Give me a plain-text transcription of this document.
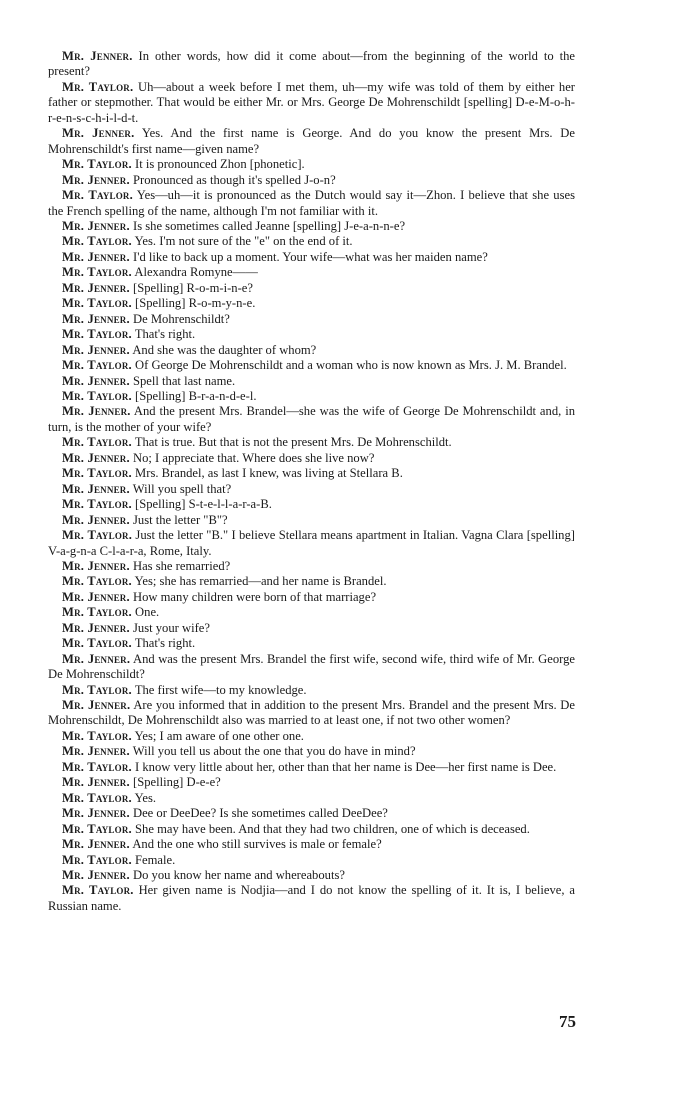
Mr. Jenner. In other words, how did it come about—from the beginning of the world to the present?

Mr. Taylor. Uh—about a week before I met them, uh—my wife was told of them by either her father or stepmother. That would be either Mr. or Mrs. George De Mohrenschildt [spelling] D-e-M-o-h-r-e-n-s-c-h-i-l-d-t.

Mr. Jenner. Yes. And the first name is George. And do you know the present Mrs. De Mohrenschildt's first name—given name?

Mr. Taylor. It is pronounced Zhon [phonetic].

Mr. Jenner. Pronounced as though it's spelled J-o-n?

Mr. Taylor. Yes—uh—it is pronounced as the Dutch would say it—Zhon. I believe that she uses the French spelling of the name, although I'm not familiar with it.

Mr. Jenner. Is she sometimes called Jeanne [spelling] J-e-a-n-n-e?

Mr. Taylor. Yes. I'm not sure of the "e" on the end of it.

Mr. Jenner. I'd like to back up a moment. Your wife—what was her maiden name?

Mr. Taylor. Alexandra Romyne——

Mr. Jenner. [Spelling] R-o-m-i-n-e?

Mr. Taylor. [Spelling] R-o-m-y-n-e.

Mr. Jenner. De Mohrenschildt?

Mr. Taylor. That's right.

Mr. Jenner. And she was the daughter of whom?

Mr. Taylor. Of George De Mohrenschildt and a woman who is now known as Mrs. J. M. Brandel.

Mr. Jenner. Spell that last name.

Mr. Taylor. [Spelling] B-r-a-n-d-e-l.

Mr. Jenner. And the present Mrs. Brandel—she was the wife of George De Mohrenschildt and, in turn, is the mother of your wife?

Mr. Taylor. That is true. But that is not the present Mrs. De Mohrenschildt.

Mr. Jenner. No; I appreciate that. Where does she live now?

Mr. Taylor. Mrs. Brandel, as last I knew, was living at Stellara B.

Mr. Jenner. Will you spell that?

Mr. Taylor. [Spelling] S-t-e-l-l-a-r-a-B.

Mr. Jenner. Just the letter "B"?

Mr. Taylor. Just the letter "B." I believe Stellara means apartment in Italian. Vagna Clara [spelling] V-a-g-n-a C-l-a-r-a, Rome, Italy.

Mr. Jenner. Has she remarried?

Mr. Taylor. Yes; she has remarried—and her name is Brandel.

Mr. Jenner. How many children were born of that marriage?

Mr. Taylor. One.

Mr. Jenner. Just your wife?

Mr. Taylor. That's right.

Mr. Jenner. And was the present Mrs. Brandel the first wife, second wife, third wife of Mr. George De Mohrenschildt?

Mr. Taylor. The first wife—to my knowledge.

Mr. Jenner. Are you informed that in addition to the present Mrs. Brandel and the present Mrs. De Mohrenschildt, De Mohrenschildt also was married to at least one, if not two other women?

Mr. Taylor. Yes; I am aware of one other one.

Mr. Jenner. Will you tell us about the one that you do have in mind?

Mr. Taylor. I know very little about her, other than that her name is Dee—her first name is Dee.

Mr. Jenner. [Spelling] D-e-e?

Mr. Taylor. Yes.

Mr. Jenner. Dee or DeeDee? Is she sometimes called DeeDee?

Mr. Taylor. She may have been. And that they had two children, one of which is deceased.

Mr. Jenner. And the one who still survives is male or female?

Mr. Taylor. Female.

Mr. Jenner. Do you know her name and whereabouts?

Mr. Taylor. Her given name is Nodjia—and I do not know the spelling of it. It is, I believe, a Russian name.

75
